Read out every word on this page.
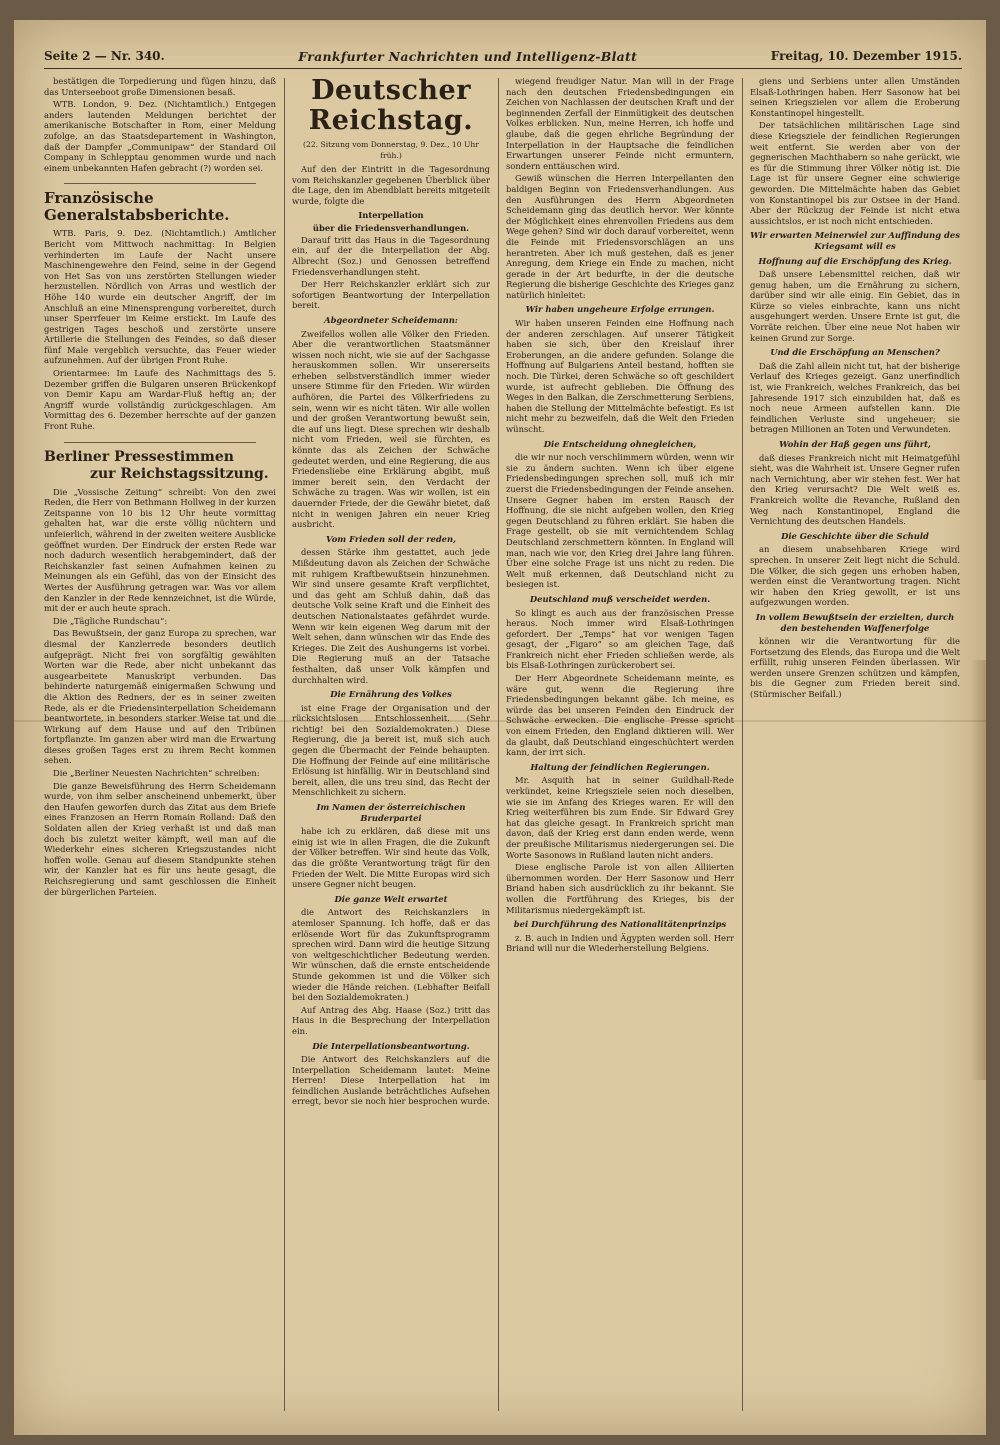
Seite 2 — Nr. 340.	Frankfurter Nachrichten und Intelligenz-Blatt	Freitag, 10. Dezember 1915.

bestätigen die Torpedierung und fügen hinzu, daß das Unterseeboot große Dimensionen besaß.

WTB. London, 9. Dez. (Nichtamtlich.) Entgegen anders lautenden Meldungen berichtet der amerikanische Botschafter in Rom, einer Meldung zufolge, an das Staatsdepartement in Washington, daß der Dampfer „Communipaw“ der Standard Oil Company in Schlepptau genommen wurde und nach einem unbekannten Hafen gebracht (?) worden sei.

Französische Generalstabsberichte.

WTB. Paris, 9. Dez. (Nichtamtlich.) Amtlicher Bericht vom Mittwoch nachmittag: In Belgien verhinderten im Laufe der Nacht unsere Maschinengewehre den Feind, seine in der Gegend von Het Sas von uns zerstörten Stellungen wieder herzustellen. Nördlich von Arras und westlich der Höhe 140 wurde ein deutscher Angriff, der im Anschluß an eine Minensprengung vorbereitet, durch unser Sperrfeuer im Keime erstickt. Im Laufe des gestrigen Tages beschoß und zerstörte unsere Artillerie die Stellungen des Feindes, so daß dieser fünf Male vergeblich versuchte, das Feuer wieder aufzunehmen. Auf der übrigen Front Ruhe.

Orientarmee: Im Laufe des Nachmittags des 5. Dezember griffen die Bulgaren unseren Brückenkopf von Demir Kapu am Wardar-Fluß heftig an; der Angriff wurde vollständig zurückgeschlagen. Am Vormittag des 6. Dezember herrschte auf der ganzen Front Ruhe.

Berliner Pressestimmen
zur Reichstagssitzung.

Die „Vossische Zeitung“ schreibt: Von den zwei Reden, die Herr von Bethmann Hollweg in der kurzen Zeitspanne von 10 bis 12 Uhr heute vormittag gehalten hat, war die erste völlig nüchtern und unfeierlich, während in der zweiten weitere Ausblicke geöffnet wurden. Der Eindruck der ersten Rede war noch dadurch wesentlich herabgemindert, daß der Reichskanzler fast seinen Aufnahmen keinen zu Meinungen als ein Gefühl, das von der Einsicht des Wertes der Ausführung getragen war. Was vor allem den Kanzler in der Rede kennzeichnet, ist die Würde, mit der er auch heute sprach.

Die „Tägliche Rundschau“:

Das Bewußtsein, der ganz Europa zu sprechen, war diesmal der Kanzlerrede besonders deutlich aufgeprägt. Nicht frei von sorgfältig gewählten Worten war die Rede, aber nicht unbekannt das ausgearbeitete Manuskript verbunden. Das behinderte naturgemäß einigermaßen Schwung und die Aktion des Redners, der es in seiner zweiten Rede, als er die Friedensinterpellation Scheidemann beantwortete, in besonders starker Weise tat und die Wirkung auf dem Hause und auf den Tribünen fortpflanzte. Im ganzen aber wird man die Erwartung dieses großen Tages erst zu ihrem Recht kommen sehen.

Die „Berliner Neuesten Nachrichten“ schreiben:

Die ganze Beweisführung des Herrn Scheidemann wurde, von ihm selber anscheinend unbemerkt, über den Haufen geworfen durch das Zitat aus dem Briefe eines Franzosen an Herrn Romain Rolland: Daß den Soldaten allen der Krieg verhaßt ist und daß man doch bis zuletzt weiter kämpft, weil man auf die Wiederkehr eines sicheren Kriegszustandes nicht hoffen wolle. Genau auf diesem Standpunkte stehen wir, der Kanzler hat es für uns heute gesagt, die Reichsregierung und samt geschlossen die Einheit der bürgerlichen Parteien.

Deutscher Reichstag.
(22. Sitzung vom Donnerstag, 9. Dez., 10 Uhr früh.)

Auf den der Eintritt in die Tagesordnung vom Reichskanzler gegebenen Überblick über die Lage, den im Abendblatt bereits mitgeteilt wurde, folgte die

Interpellation
über die Friedensverhandlungen.

Darauf tritt das Haus in die Tagesordnung ein, auf der die Interpellation der Abg. Albrecht (Soz.) und Genossen betreffend Friedensverhandlungen steht.

Der Herr Reichskanzler erklärt sich zur sofortigen Beantwortung der Interpellation bereit.

Abgeordneter Scheidemann:

Zweifellos wollen alle Völker den Frieden. Aber die verantwortlichen Staatsmänner wissen noch nicht, wie sie auf der Sachgasse herauskommen sollen. Wir unsererseits erheben selbstverständlich immer wieder unsere Stimme für den Frieden. Wir würden aufhören, die Partei des Völkerfriedens zu sein, wenn wir es nicht täten. Wir alle wollen und der großen Verantwortung bewußt sein, die auf uns liegt. Diese sprechen wir deshalb nicht vom Frieden, weil sie fürchten, es könnte das als Zeichen der Schwäche gedeutet werden, und eine Regierung, die aus Friedensliebe eine Erklärung abgibt, muß immer bereit sein, den Verdacht der Schwäche zu tragen. Was wir wollen, ist ein dauernder Friede, der die Gewähr bietet, daß nicht in wenigen Jahren ein neuer Krieg ausbricht.

Vom Frieden soll der reden,

dessen Stärke ihm gestattet, auch jede Mißdeutung davon als Zeichen der Schwäche mit ruhigem Kraftbewußtsein hinzunehmen. Wir sind unsere gesamte Kraft verpflichtet, und das geht am Schluß dahin, daß das deutsche Volk seine Kraft und die Einheit des deutschen Nationalstaates gefährdet wurde. Wenn wir kein eigenen Weg darum mit der Welt sehen, dann wünschen wir das Ende des Krieges. Die Zeit des Aushungerns ist vorbei. Die Regierung muß an der Tatsache festhalten, daß unser Volk kämpfen und durchhalten wird.

Die Ernährung des Volkes

ist eine Frage der Organisation und der rücksichtslosen Entschlossenheit. (Sehr richtig! bei den Sozialdemokraten.) Diese Regierung, die ja bereit ist, muß sich auch gegen die Übermacht der Feinde behaupten. Die Hoffnung der Feinde auf eine militärische Erlösung ist hinfällig. Wir in Deutschland sind bereit, allen, die uns treu sind, das Recht der Menschlichkeit zu sichern.

Im Namen der österreichischen Bruderpartei

habe ich zu erklären, daß diese mit uns einig ist wie in allen Fragen, die die Zukunft der Völker betreffen. Wir sind heute das Volk, das die größte Verantwortung trägt für den Frieden der Welt. Die Mitte Europas wird sich unsere Gegner nicht beugen.

Die ganze Welt erwartet

die Antwort des Reichskanzlers in atemloser Spannung. Ich hoffe, daß er das erlösende Wort für das Zukunftsprogramm sprechen wird. Dann wird die heutige Sitzung von weltgeschichtlicher Bedeutung werden. Wir wünschen, daß die ernste entscheidende Stunde gekommen ist und die Völker sich wieder die Hände reichen. (Lebhafter Beifall bei den Sozialdemokraten.)

Auf Antrag des Abg. Haase (Soz.) tritt das Haus in die Besprechung der Interpellation ein.

Die Interpellationsbeantwortung.

Die Antwort des Reichskanzlers auf die Interpellation Scheidemann lautet: Meine Herren! Diese Interpellation hat im feindlichen Auslande beträchtliches Aufsehen erregt, bevor sie noch hier besprochen wurde.

wiegend freudiger Natur. Man will in der Frage nach den deutschen Friedensbedingungen ein Zeichen von Nachlassen der deutschen Kraft und der beginnenden Zerfall der Einmütigkeit des deutschen Volkes erblicken. Nun, meine Herren, ich hoffe und glaube, daß die gegen ehrliche Begründung der Interpellation in der Hauptsache die feindlichen Erwartungen unserer Feinde nicht ermuntern, sondern enttäuschen wird.

Gewiß wünschen die Herren Interpellanten den baldigen Beginn von Friedensverhandlungen. Aus den Ausführungen des Herrn Abgeordneten Scheidemann ging das deutlich hervor. Wer könnte der Möglichkeit eines ehrenvollen Friedens aus dem Wege gehen? Sind wir doch darauf vorbereitet, wenn die Feinde mit Friedensvorschlägen an uns herantreten. Aber ich muß gestehen, daß es jener Anregung, dem Kriege ein Ende zu machen, nicht gerade in der Art bedurfte, in der die deutsche Regierung die bisherige Geschichte des Krieges ganz natürlich hinleitet:

Wir haben ungeheure Erfolge errungen.

Wir haben unseren Feinden eine Hoffnung nach der anderen zerschlagen. Auf unserer Tätigkeit haben sie sich, über den Kreislauf ihrer Eroberungen, an die andere gefunden. Solange die Hoffnung auf Bulgariens Anteil bestand, hofften sie noch. Die Türkei, deren Schwäche so oft geschildert wurde, ist aufrecht geblieben. Die Öffnung des Weges in den Balkan, die Zerschmetterung Serbiens, haben die Stellung der Mittelmächte befestigt. Es ist nicht mehr zu bezweifeln, daß die Welt den Frieden wünscht.

Die Entscheidung ohnegleichen,

die wir nur noch verschlimmern würden, wenn wir sie zu ändern suchten. Wenn ich über eigene Friedensbedingungen sprechen soll, muß ich mir zuerst die Friedensbedingungen der Feinde ansehen. Unsere Gegner haben im ersten Rausch der Hoffnung, die sie nicht aufgeben wollen, den Krieg gegen Deutschland zu führen erklärt. Sie haben die Frage gestellt, ob sie mit vernichtendem Schlag Deutschland zerschmettern könnten. In England will man, nach wie vor, den Krieg drei Jahre lang führen. Über eine solche Frage ist uns nicht zu reden. Die Welt muß erkennen, daß Deutschland nicht zu besiegen ist.

Deutschland muß verscheidet werden.

So klingt es auch aus der französischen Presse heraus. Noch immer wird Elsaß-Lothringen gefordert. Der „Temps“ hat vor wenigen Tagen gesagt, der „Figaro“ so am gleichen Tage, daß Frankreich nicht eher Frieden schließen werde, als bis Elsaß-Lothringen zurückerobert sei.

Der Herr Abgeordnete Scheidemann meinte, es wäre gut, wenn die Regierung ihre Friedensbedingungen bekannt gäbe. Ich meine, es würde das bei unseren Feinden den Eindruck der Schwäche erwecken. Die englische Presse spricht von einem Frieden, den England diktieren will. Wer da glaubt, daß Deutschland eingeschüchtert werden kann, der irrt sich.

Haltung der feindlichen Regierungen.

Mr. Asquith hat in seiner Guildhall-Rede verkündet, keine Kriegsziele seien noch dieselben, wie sie im Anfang des Krieges waren. Er will den Krieg weiterführen bis zum Ende. Sir Edward Grey hat das gleiche gesagt. In Frankreich spricht man davon, daß der Krieg erst dann enden werde, wenn der preußische Militarismus niedergerungen sei. Die Worte Sasonows in Rußland lauten nicht anders.

Diese englische Parole ist von allen Alliierten übernommen worden. Der Herr Sasonow und Herr Briand haben sich ausdrücklich zu ihr bekannt. Sie wollen die Fortführung des Krieges, bis der Militarismus niedergekämpft ist.

bei Durchführung des Nationalitätenprinzips

z. B. auch in Indien und Ägypten werden soll. Herr Briand will nur die Wiederherstellung Belgiens.

giens und Serbiens unter allen Umständen Elsaß-Lothringen haben. Herr Sasonow hat bei seinen Kriegszielen vor allem die Eroberung Konstantinopel hingestellt.

Der tatsächlichen militärischen Lage sind diese Kriegsziele der feindlichen Regierungen weit entfernt. Sie werden aber von der gegnerischen Machthabern so nahe gerückt, wie es für die Stimmung ihrer Völker nötig ist. Die Lage ist für unsere Gegner eine schwierige geworden. Die Mittelmächte haben das Gebiet von Konstantinopel bis zur Ostsee in der Hand. Aber der Rückzug der Feinde ist nicht etwa aussichtslos, er ist noch nicht entschieden.

Wir erwarten Meinerwiel zur Auffindung des Kriegsamt will es
Hoffnung auf die Erschöpfung des Krieg.

Daß unsere Lebensmittel reichen, daß wir genug haben, um die Ernährung zu sichern, darüber sind wir alle einig. Ein Gebiet, das in Kürze so vieles einbrachte, kann uns nicht ausgehungert werden. Unsere Ernte ist gut, die Vorräte reichen. Über eine neue Not haben wir keinen Grund zur Sorge.

Und die Erschöpfung an Menschen?

Daß die Zahl allein nicht tut, hat der bisherige Verlauf des Krieges gezeigt. Ganz unerfindlich ist, wie Frankreich, welches Frankreich, das bei Jahresende 1917 sich einzubilden hat, daß es noch neue Armeen aufstellen kann. Die feindlichen Verluste sind ungeheuer; sie betragen Millionen an Toten und Verwundeten.

Wohin der Haß gegen uns führt,

daß dieses Frankreich nicht mit Heimatgefühl sieht, was die Wahrheit ist. Unsere Gegner rufen nach Vernichtung, aber wir stehen fest. Wer hat den Krieg verursacht? Die Welt weiß es. Frankreich wollte die Revanche, Rußland den Weg nach Konstantinopel, England die Vernichtung des deutschen Handels.

Die Geschichte über die Schuld

an diesem unabsehbaren Kriege wird sprechen. In unserer Zeit liegt nicht die Schuld. Die Völker, die sich gegen uns erhoben haben, werden einst die Verantwortung tragen. Nicht wir haben den Krieg gewollt, er ist uns aufgezwungen worden.

In vollem Bewußtsein der erzielten, durch den bestehenden Waffenerfolge

können wir die Verantwortung für die Fortsetzung des Elends, das Europa und die Welt erfüllt, ruhig unseren Feinden überlassen. Wir werden unsere Grenzen schützen und kämpfen, bis die Gegner zum Frieden bereit sind. (Stürmischer Beifall.)
